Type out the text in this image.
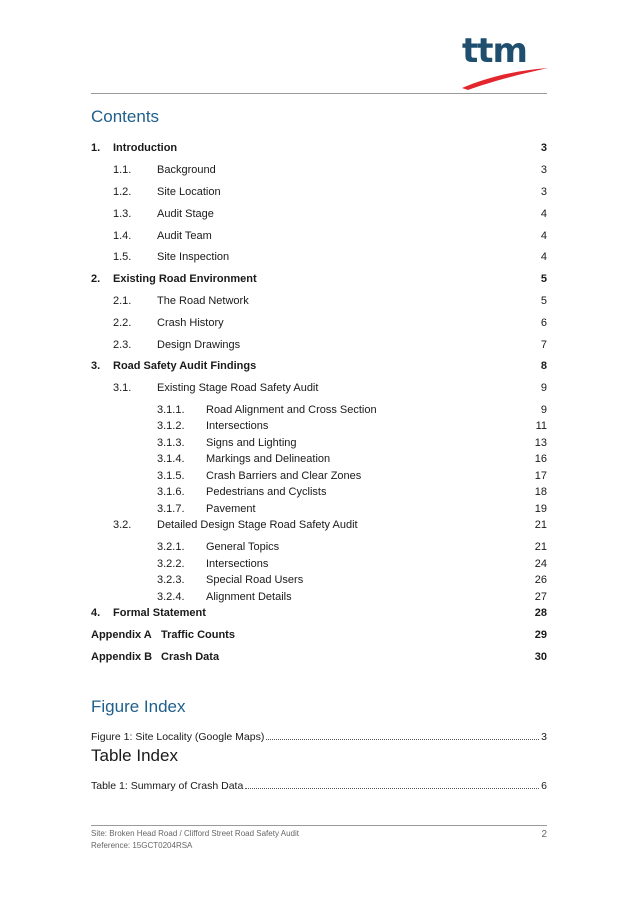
ttm
Contents
1. Introduction	3
1.1. Background	3
1.2. Site Location	3
1.3. Audit Stage	4
1.4. Audit Team	4
1.5. Site Inspection	4
2. Existing Road Environment	5
2.1. The Road Network	5
2.2. Crash History	6
2.3. Design Drawings	7
3. Road Safety Audit Findings	8
3.1. Existing Stage Road Safety Audit	9
3.1.1. Road Alignment and Cross Section	9
3.1.2. Intersections	11
3.1.3. Signs and Lighting	13
3.1.4. Markings and Delineation	16
3.1.5. Crash Barriers and Clear Zones	17
3.1.6. Pedestrians and Cyclists	18
3.1.7. Pavement	19
3.2. Detailed Design Stage Road Safety Audit	21
3.2.1. General Topics	21
3.2.2. Intersections	24
3.2.3. Special Road Users	26
3.2.4. Alignment Details	27
4. Formal Statement	28
Appendix A Traffic Counts	29
Appendix B Crash Data	30
Figure Index
Figure 1: Site Locality (Google Maps)	3
Table Index
Table 1: Summary of Crash Data	6
Site: Broken Head Road / Clifford Street Road Safety Audit
Reference: 15GCT0204RSA
2
